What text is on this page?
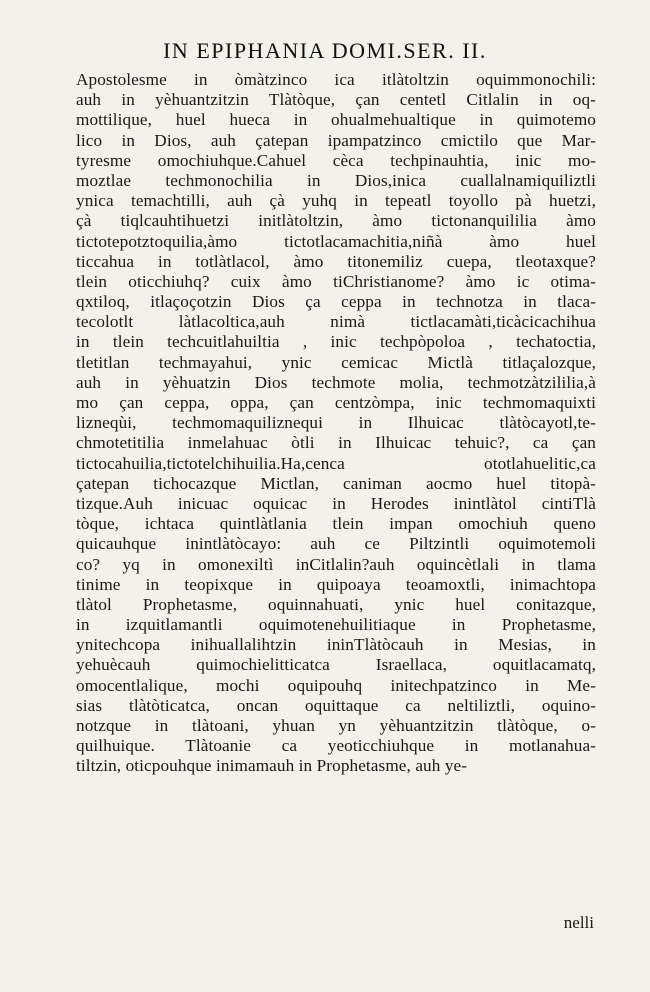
IN EPIPHANIA DOMI.SER. II.
Apostolesme in òmàtzinco ica itlàtoltzin oquimmonochili:
auh in yèhuantzitzin Tlàtòque, çan centetl Citlalin in oq-
mottilique, huel hueca in ohualmehualtique in quimotemo
lico in Dios, auh çatepan ipampatzinco cmictilo que Mar-
tyresme omochiuhque.Cahuel cèca techpinauhtia, inic mo-
moztlae techmonochilia in Dios,inica cuallalnamiquiliztli
ynica temachtilli, auh çà yuhq in tepeatl toyollo pà huetzi,
çà tiqlcauhtihuetzi initlàtoltzin, àmo tictonanquililia àmo
tictotepotztoquilia,àmo tictotlacamachitia,niñà àmo huel
ticcahua in totlàtlacol, àmo titonemiliz cuepa, tleotaxque?
tlein oticchiuhq? cuix àmo tiChristianome? àmo ic otima-
qxtiloq, itlaçoçotzin Dios ça ceppa in technotza in tlaca-
tecolotlt làtlacoltica,auh nimà tictlacamàti,ticàcicachihua
in tlein techcuitlahuiltia , inic techpòpoloa , techatoctia,
tletitlan techmayahui, ynic cemicac Mictlà titlaçalozque,
auh in yèhuatzin Dios techmote molia, techmotzàtzililia,à
mo çan ceppa, oppa, çan centzòmpa, inic techmomaquixti
lizneqùi, techmomaquiliznequi in Ilhuicac tlàtòcayotl,te-
chmotetitilia inmelahuac òtli in Ilhuicac tehuic?, ca çan
tictocahuilia,tictotelchihuilia.Ha,cenca ototlahuelitic,ca
çatepan tichocazque Mictlan, caniman aocmo huel titopà-
tizque.Auh inicuac oquicac in Herodes inintlàtol cintiTlà
tòque, ichtaca quintlàtlania tlein impan omochiuh queno
quicauhque inintlàtòcayo: auh ce Piltzintli oquimotemoli
co? yq in omonexiltì inCitlalin?auh oquincètlali in tlama
tinime in teopixque in quipoaya teoamoxtli, inimachtopa
tlàtol Prophetasme, oquinnahuati, ynic huel conitazque,
in izquitlamantli oquimotenehuilitiaque in Prophetasme,
ynitechcopa inihuallalihtzin ininTlàtòcauh in Mesias, in
yehuècauh quimochielitticatca Israellaca, oquitlacamatq,
omocentlalique, mochi oquipouhq initechpatzinco in Me-
sias tlàtòticatca, oncan oquittaque ca neltiliztli, oquino-
notzque in tlàtoani, yhuan yn yèhuantzitzin tlàtòque, o-
quilhuique. Tlàtoanie ca yeoticchiuhque in motlanahua-
tiltzin, oticpouhque inimamauh in Prophetasme, auh ye-
nelli
